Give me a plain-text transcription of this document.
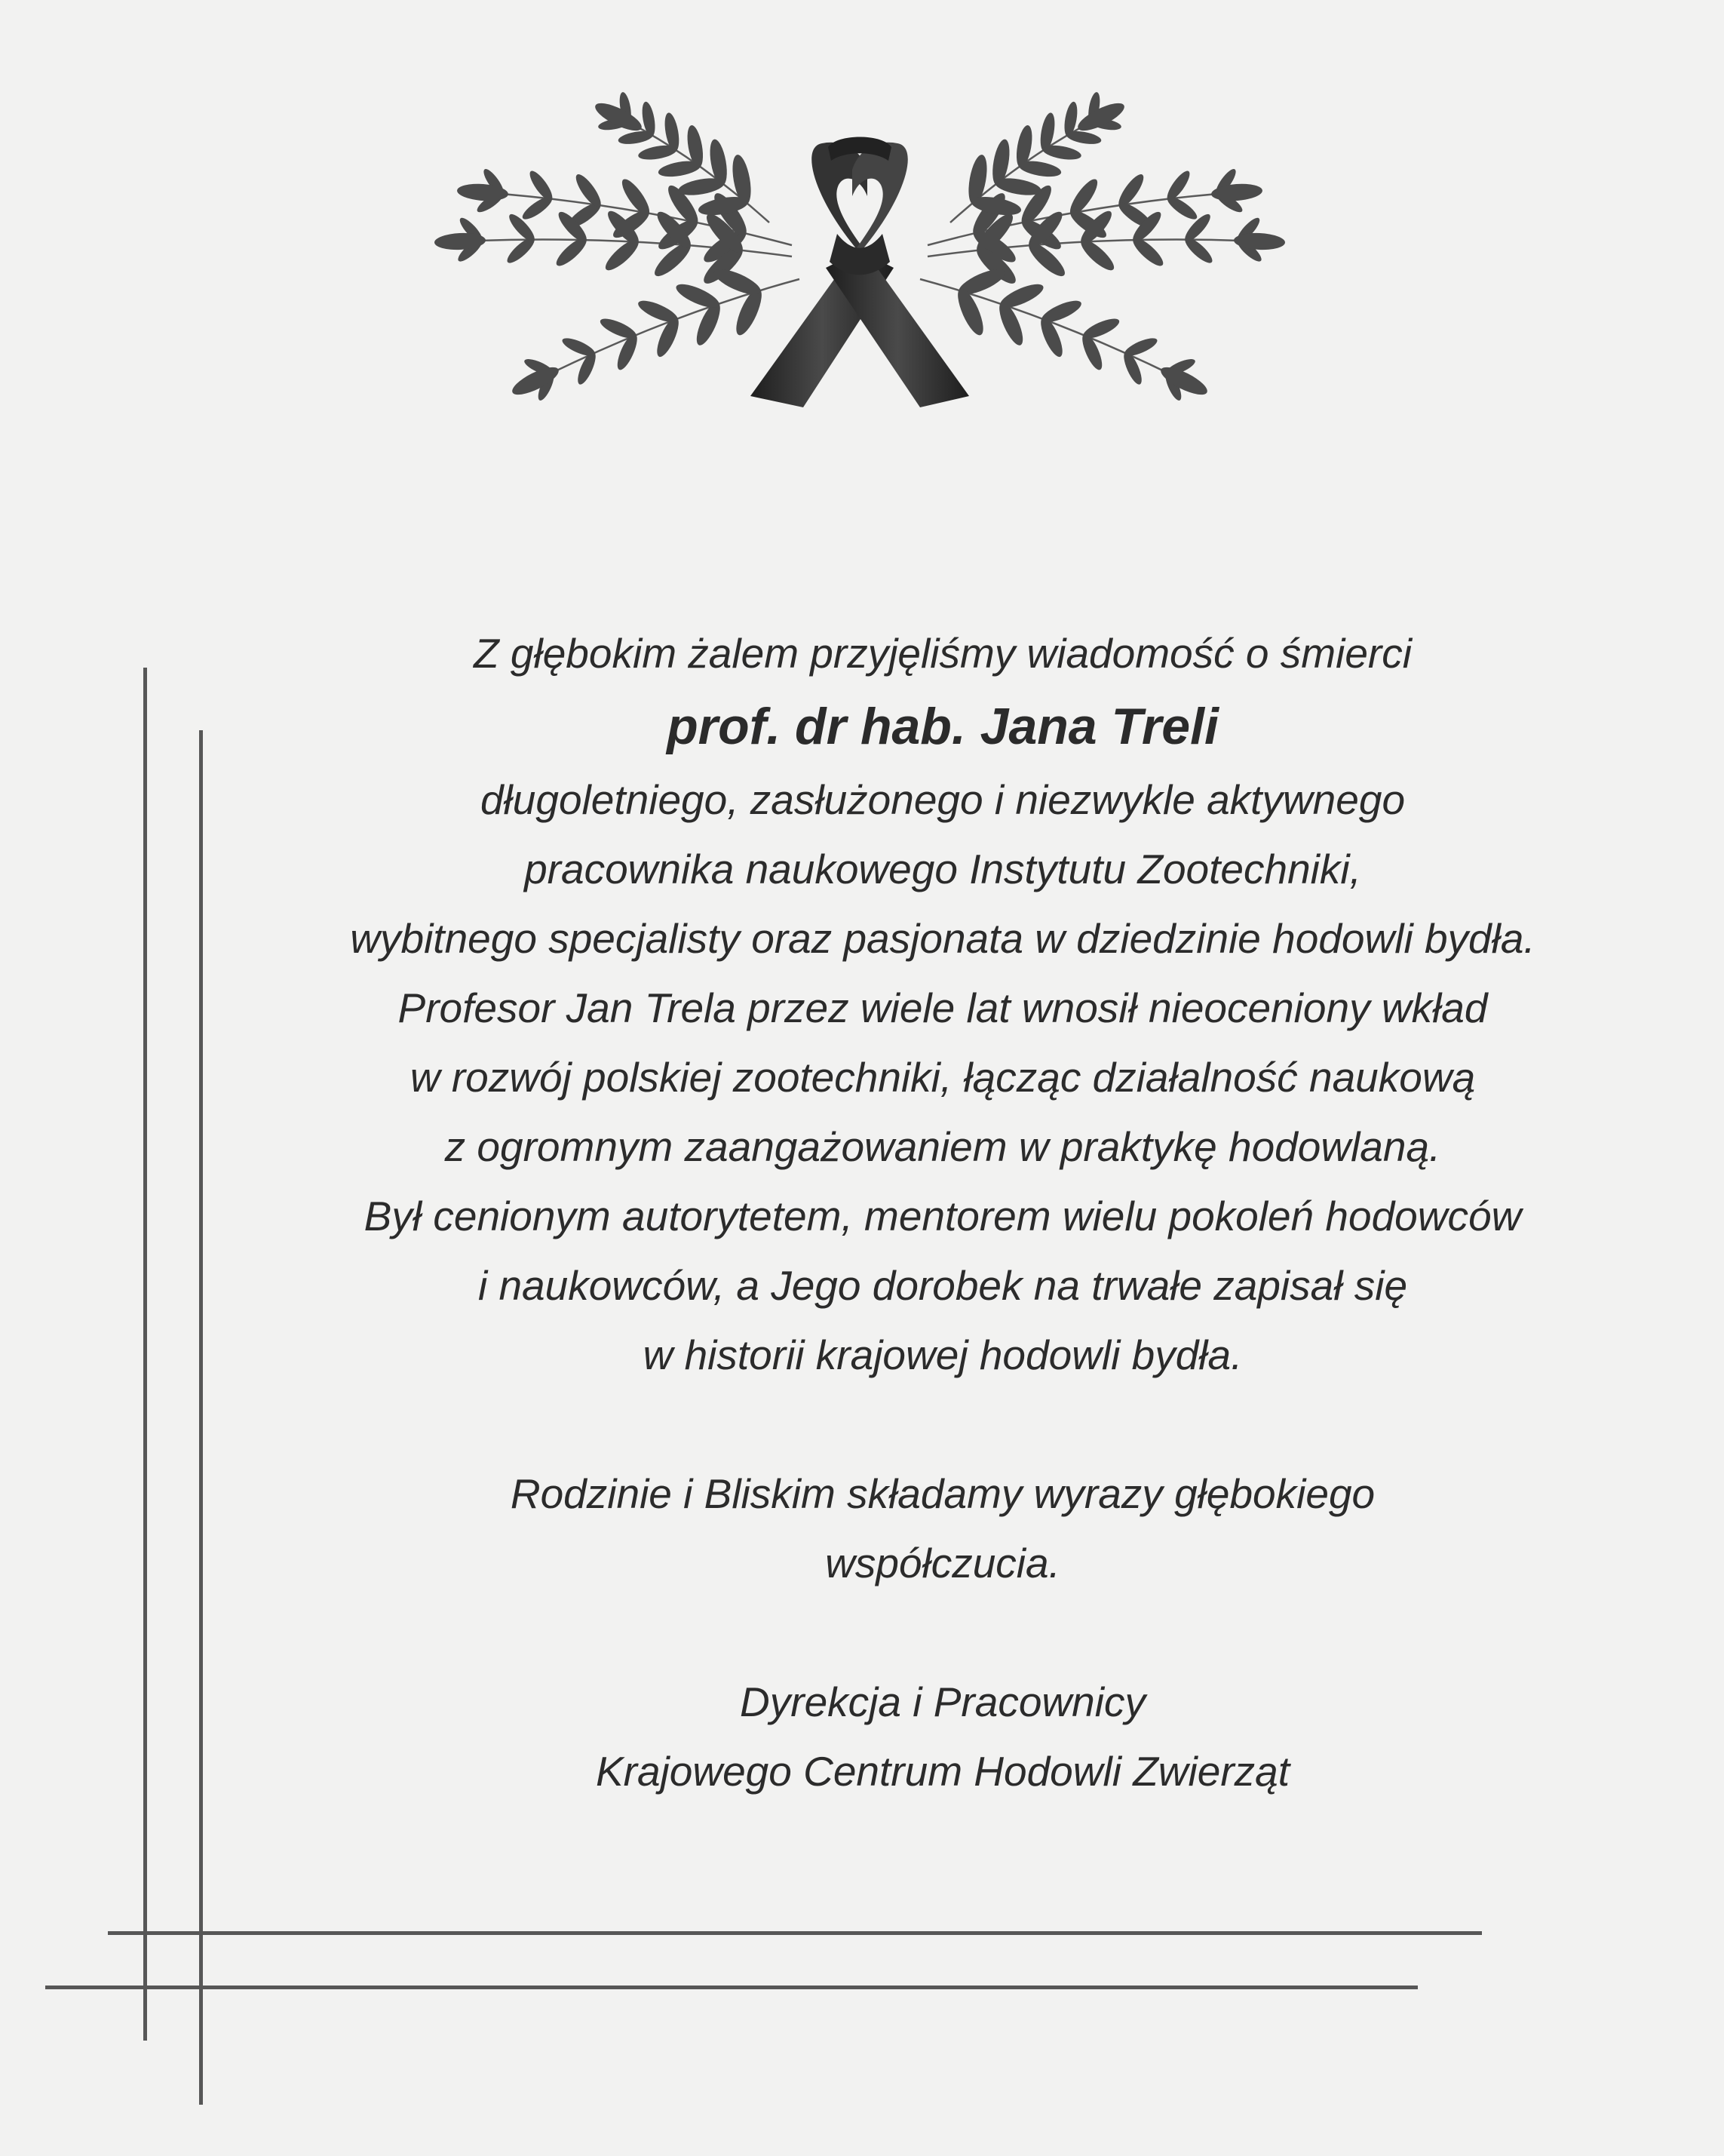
Z głębokim żalem przyjęliśmy wiadomość o śmierci
prof. dr hab. Jana Treli
długoletniego, zasłużonego i niezwykle aktywnego
pracownika naukowego Instytutu Zootechniki,
wybitnego specjalisty oraz pasjonata w dziedzinie hodowli bydła.
Profesor Jan Trela przez wiele lat wnosił nieoceniony wkład
w rozwój polskiej zootechniki, łącząc działalność naukową
z ogromnym zaangażowaniem w praktykę hodowlaną.
Był cenionym autorytetem, mentorem wielu pokoleń hodowców
i naukowców, a Jego dorobek na trwałe zapisał się
w historii krajowej hodowli bydła.
Rodzinie i Bliskim składamy wyrazy głębokiego
współczucia.
Dyrekcja i Pracownicy
Krajowego Centrum Hodowli Zwierząt
